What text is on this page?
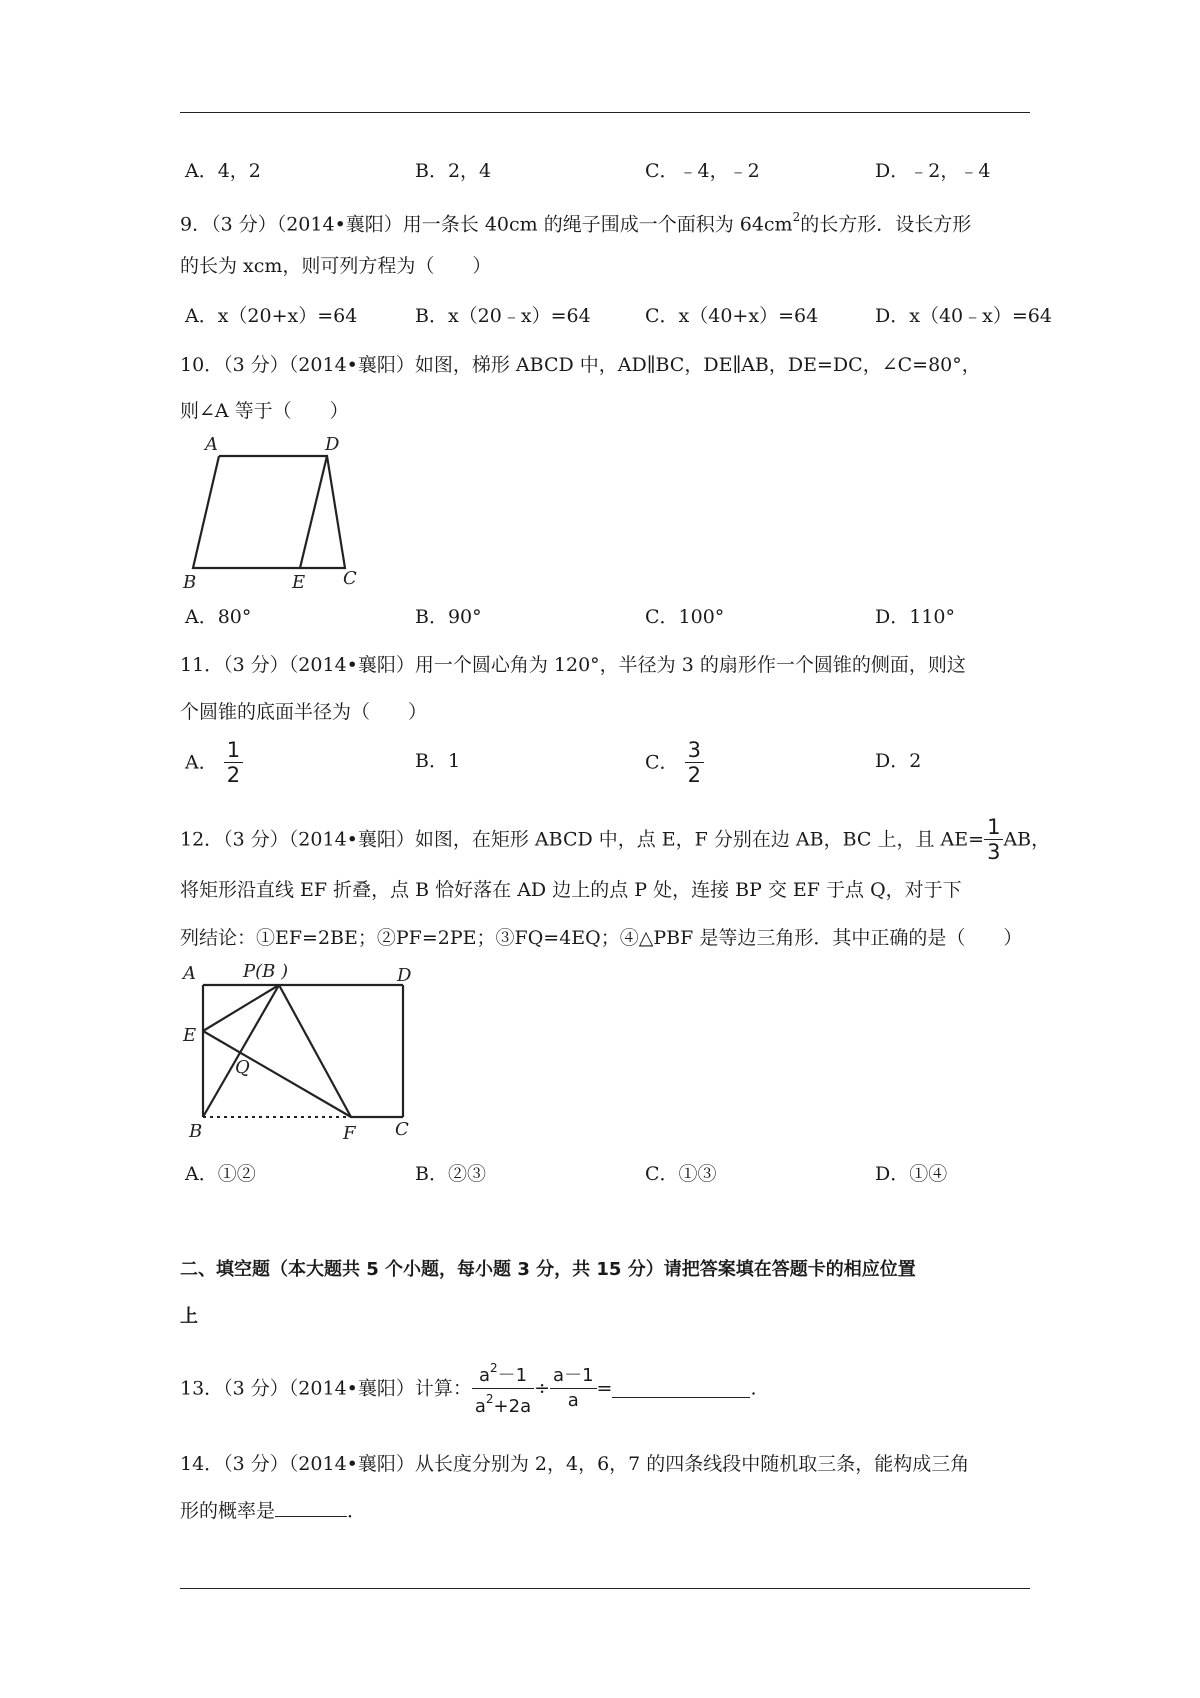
A．4，2	B．2，4	C．﹣4，﹣2	D．﹣2，﹣4
9．（3 分）（2014•襄阳）用一条长 40cm 的绳子围成一个面积为 $64cm^2$的长方形．设长方形
的长为 xcm，则可列方程为（　　）
A．x（20+x）=64	B．x（20﹣x）=64	C．x（40+x）=64	D．x（40﹣x）=64
10．（3 分）（2014•襄阳）如图，梯形 ABCD 中，AD∥BC，DE∥AB，DE=DC，∠C=80°，
则∠A 等于（　　）
A	D
B	E C
A．80°	B．90°	C．100°	D．110°
11．（3 分）（2014•襄阳）用一个圆心角为 120°，半径为 3 的扇形作一个圆锥的侧面，则这
个圆锥的底面半径为（　　）
A． $\frac{1}{2}$	B．1	C． $\frac{3}{2}$	D．2
12．（3 分）（2014•襄阳）如图，在矩形 ABCD 中，点 E，F 分别在边 AB，BC 上，且 $AE= \frac{1}{3}$ AB，
将矩形沿直线 EF 折叠，点 B 恰好落在 AD 边上的点 P 处，连接 BP 交 EF 于点 Q，对于下
列结论：①EF=2BE；②PF=2PE；③FQ=4EQ；④△PBF 是等边三角形．其中正确的是（　　）
A	P(B )	D
E
Q
B	F C
A．①②	B．②③	C．①③	D．①④
二、填空题（本大题共 5 个小题，每小题 3 分，共 15 分）请把答案填在答题卡的相应位置
上
13．（3 分）（2014•襄阳）计算： $\frac{a^2-1}{a^2+2a} \div \frac{a-1}{a}$ =	.
14．（3 分）（2014•襄阳）从长度分别为 2，4，6，7 的四条线段中随机取三条，能构成三角
形的概率是	．
